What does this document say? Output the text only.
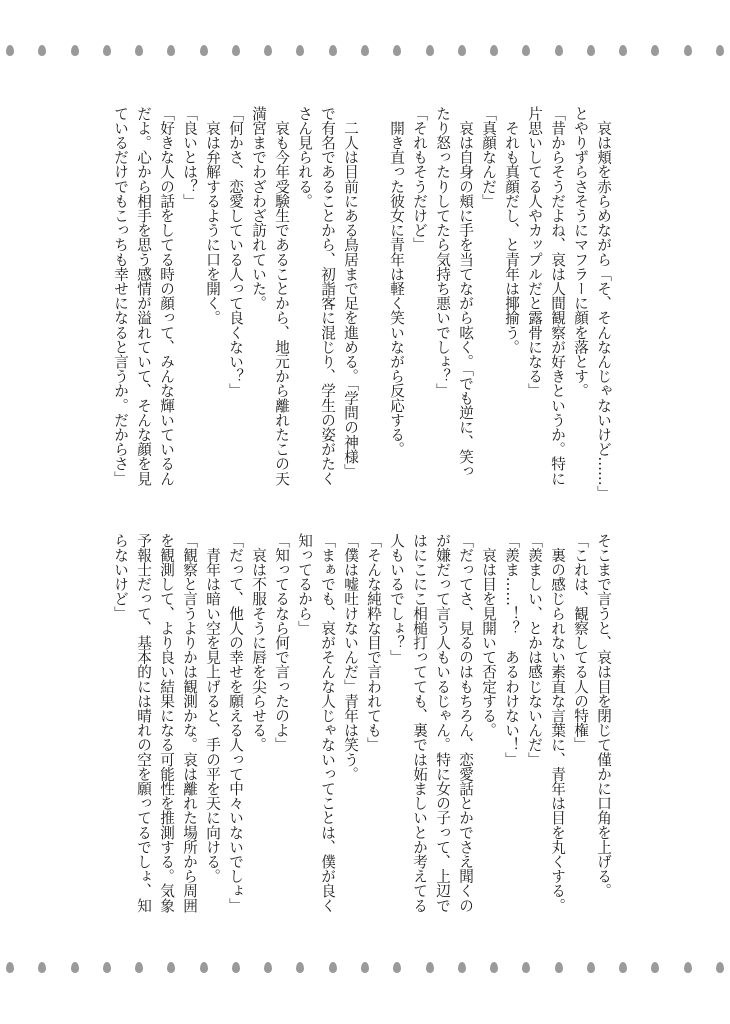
　哀は頬を赤らめながら「そ、そんなんじゃないけど……」
とやりずらさそうにマフラーに顔を落とす。
「昔からそうだよね、哀は人間観察が好きというか。特に
片思いしてる人やカップルだと露骨になる」
　それも真顔だし、と青年は揶揄う。
「真顔なんだ」
　哀は自身の頬に手を当てながら呟く。「でも逆に、笑っ
たり怒ったりしてたら気持ち悪いでしょ？」
「それもそうだけど」
　開き直った彼女に青年は軽く笑いながら反応する。

　二人は目前にある鳥居まで足を進める。「学問の神様」
で有名であることから、初詣客に混じり、学生の姿がたく
さん見られる。
　哀も今年受験生であることから、地元から離れたこの天
満宮までわざわざ訪れていた。
「何かさ、恋愛している人って良くない？」
　哀は弁解するように口を開く。
「良いとは？」
「好きな人の話をしてる時の顔って、みんな輝いているん
だよ。心から相手を思う感情が溢れていて、そんな顔を見
ているだけでもこっちも幸せになると言うか。だからさ」
そこまで言うと、哀は目を閉じて僅かに口角を上げる。
「これは、観察してる人の特権」
　裏の感じられない素直な言葉に、青年は目を丸くする。
「羨ましい、とかは感じないんだ」
「羨ま……！？　あるわけない！」
　哀は目を見開いて否定する。
「だってさ、見るのはもちろん、恋愛話とかでさえ聞くの
が嫌だって言う人もいるじゃん。特に女の子って、上辺で
はにこにこ相槌打ってても、裏では妬ましいとか考えてる
人もいるでしょ？」
「そんな純粋な目で言われても」
「僕は嘘吐けないんだ」青年は笑う。
「まぁでも、哀がそんな人じゃないってことは、僕が良く
知ってるから」
「知ってるなら何で言ったのよ」
　哀は不服そうに唇を尖らせる。
「だって、他人の幸せを願える人って中々いないでしょ」
　青年は暗い空を見上げると、手の平を天に向ける。
「観察と言うよりかは観測かな。哀は離れた場所から周囲
を観測して、より良い結果になる可能性を推測する。気象
予報士だって、基本的には晴れの空を願ってるでしょ、知
らないけど」
